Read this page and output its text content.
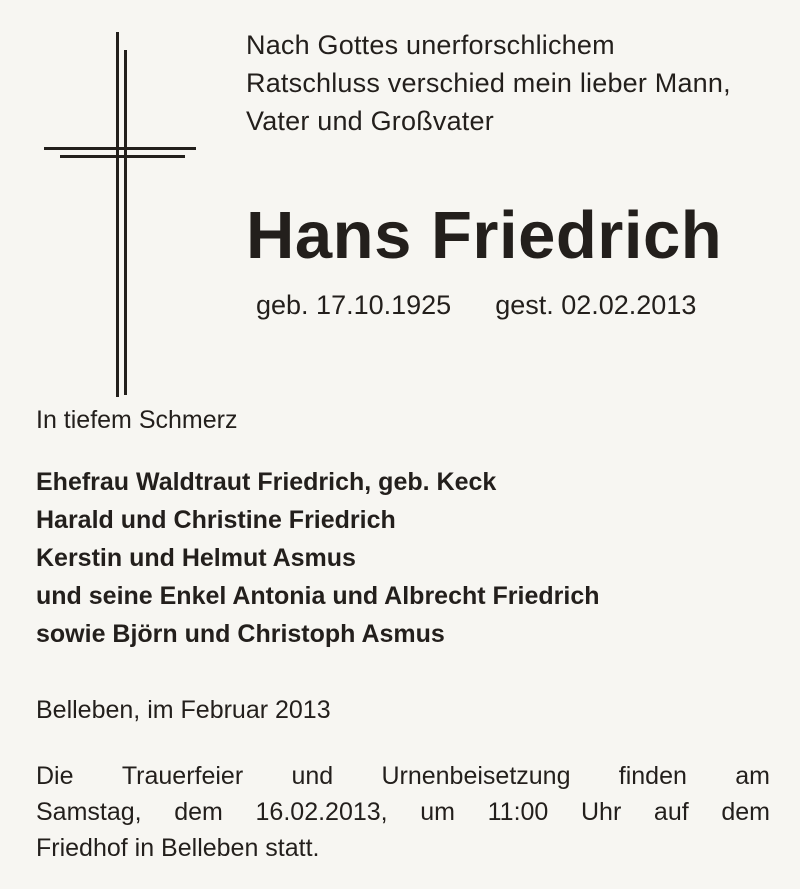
Nach Gottes unerforschlichem
Ratschluss verschied mein lieber Mann,
Vater und Großvater
Hans Friedrich
geb. 17.10.1925 gest. 02.02.2013
In tiefem Schmerz
Ehefrau Waldtraut Friedrich, geb. Keck
Harald und Christine Friedrich
Kerstin und Helmut Asmus
und seine Enkel Antonia und Albrecht Friedrich
sowie Björn und Christoph Asmus
Belleben, im Februar 2013
Die Trauerfeier und Urnenbeisetzung finden am
Samstag, dem 16.02.2013, um 11:00 Uhr auf dem
Friedhof in Belleben statt.
